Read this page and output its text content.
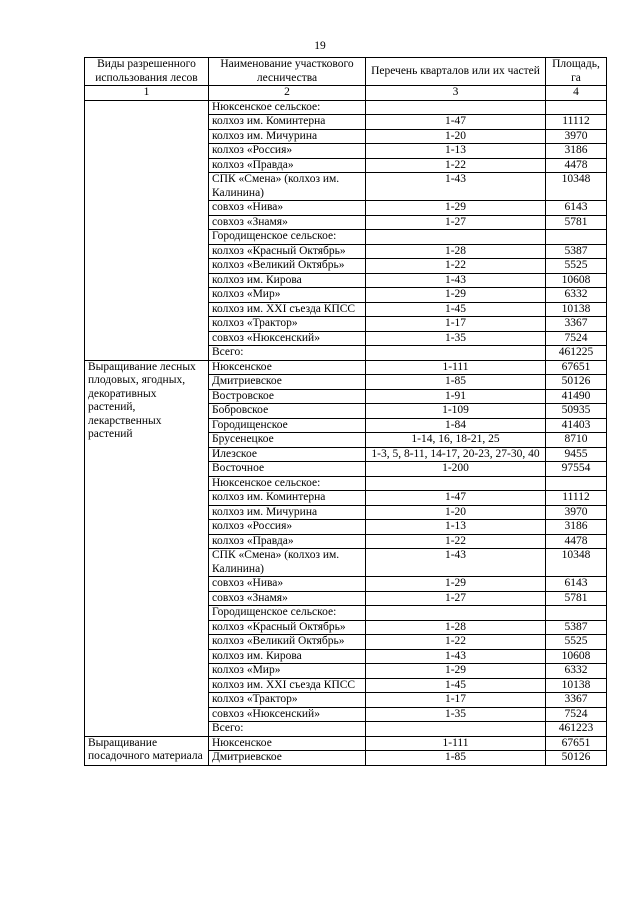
19
Виды разрешенного использования лесов	Наименование участкового лесничества	Перечень кварталов или их частей	Площадь, га
1	2	3	4
	Нюксенское сельское:		
	колхоз им. Коминтерна	1-47	11112
	колхоз им. Мичурина	1-20	3970
	колхоз «Россия»	1-13	3186
	колхоз «Правда»	1-22	4478
	СПК «Смена» (колхоз им. Калинина)	1-43	10348
	совхоз «Нива»	1-29	6143
	совхоз «Знамя»	1-27	5781
	Городищенское сельское:		
	колхоз «Красный Октябрь»	1-28	5387
	колхоз «Великий Октябрь»	1-22	5525
	колхоз им. Кирова	1-43	10608
	колхоз «Мир»	1-29	6332
	колхоз им. XXI съезда КПСС	1-45	10138
	колхоз «Трактор»	1-17	3367
	совхоз «Нюксенский»	1-35	7524
	Всего:		461225
Выращивание лесных плодовых, ягодных, декоративных растений, лекарственных растений	Нюксенское	1-111	67651
	Дмитриевское	1-85	50126
	Востровское	1-91	41490
	Бобровское	1-109	50935
	Городищенское	1-84	41403
	Брусенецкое	1-14, 16, 18-21, 25	8710
	Илезское	1-3, 5, 8-11, 14-17, 20-23, 27-30, 40	9455
	Восточное	1-200	97554
	Нюксенское сельское:		
	колхоз им. Коминтерна	1-47	11112
	колхоз им. Мичурина	1-20	3970
	колхоз «Россия»	1-13	3186
	колхоз «Правда»	1-22	4478
	СПК «Смена» (колхоз им. Калинина)	1-43	10348
	совхоз «Нива»	1-29	6143
	совхоз «Знамя»	1-27	5781
	Городищенское сельское:		
	колхоз «Красный Октябрь»	1-28	5387
	колхоз «Великий Октябрь»	1-22	5525
	колхоз им. Кирова	1-43	10608
	колхоз «Мир»	1-29	6332
	колхоз им. XXI съезда КПСС	1-45	10138
	колхоз «Трактор»	1-17	3367
	совхоз «Нюксенский»	1-35	7524
	Всего:		461223
Выращивание посадочного материала	Нюксенское	1-111	67651
	Дмитриевское	1-85	50126
